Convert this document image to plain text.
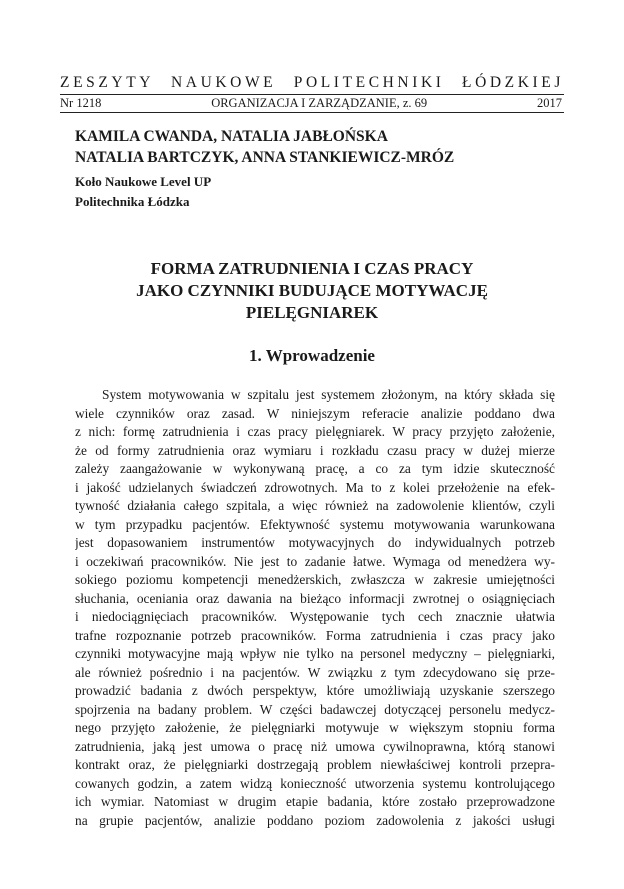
ZESZYTY NAUKOWE POLITECHNIKI ŁÓDZKIEJ
Nr 1218	ORGANIZACJA I ZARZĄDZANIE, z. 69	2017
KAMILA CWANDA, NATALIA JABŁOŃSKA
NATALIA BARTCZYK, ANNA STANKIEWICZ-MRÓZ
Koło Naukowe Level UP
Politechnika Łódzka
FORMA ZATRUDNIENIA I CZAS PRACY
JAKO CZYNNIKI BUDUJĄCE MOTYWACJĘ
PIELĘGNIAREK
1. Wprowadzenie
System motywowania w szpitalu jest systemem złożonym, na który składa się
wiele czynników oraz zasad. W niniejszym referacie analizie poddano dwa
z nich: formę zatrudnienia i czas pracy pielęgniarek. W pracy przyjęto założenie,
że od formy zatrudnienia oraz wymiaru i rozkładu czasu pracy w dużej mierze
zależy zaangażowanie w wykonywaną pracę, a co za tym idzie skuteczność
i jakość udzielanych świadczeń zdrowotnych. Ma to z kolei przełożenie na efek-
tywność działania całego szpitala, a więc również na zadowolenie klientów, czyli
w tym przypadku pacjentów. Efektywność systemu motywowania warunkowana
jest dopasowaniem instrumentów motywacyjnych do indywidualnych potrzeb
i oczekiwań pracowników. Nie jest to zadanie łatwe. Wymaga od menedżera wy-
sokiego poziomu kompetencji menedżerskich, zwłaszcza w zakresie umiejętności
słuchania, oceniania oraz dawania na bieżąco informacji zwrotnej o osiągnięciach
i niedociągnięciach pracowników. Występowanie tych cech znacznie ułatwia
trafne rozpoznanie potrzeb pracowników. Forma zatrudnienia i czas pracy jako
czynniki motywacyjne mają wpływ nie tylko na personel medyczny – pielęgniarki,
ale również pośrednio i na pacjentów. W związku z tym zdecydowano się prze-
prowadzić badania z dwóch perspektyw, które umożliwiają uzyskanie szerszego
spojrzenia na badany problem. W części badawczej dotyczącej personelu medycz-
nego przyjęto założenie, że pielęgniarki motywuje w większym stopniu forma
zatrudnienia, jaką jest umowa o pracę niż umowa cywilnoprawna, którą stanowi
kontrakt oraz, że pielęgniarki dostrzegają problem niewłaściwej kontroli przepra-
cowanych godzin, a zatem widzą konieczność utworzenia systemu kontrolującego
ich wymiar. Natomiast w drugim etapie badania, które zostało przeprowadzone
na grupie pacjentów, analizie poddano poziom zadowolenia z jakości usługi
